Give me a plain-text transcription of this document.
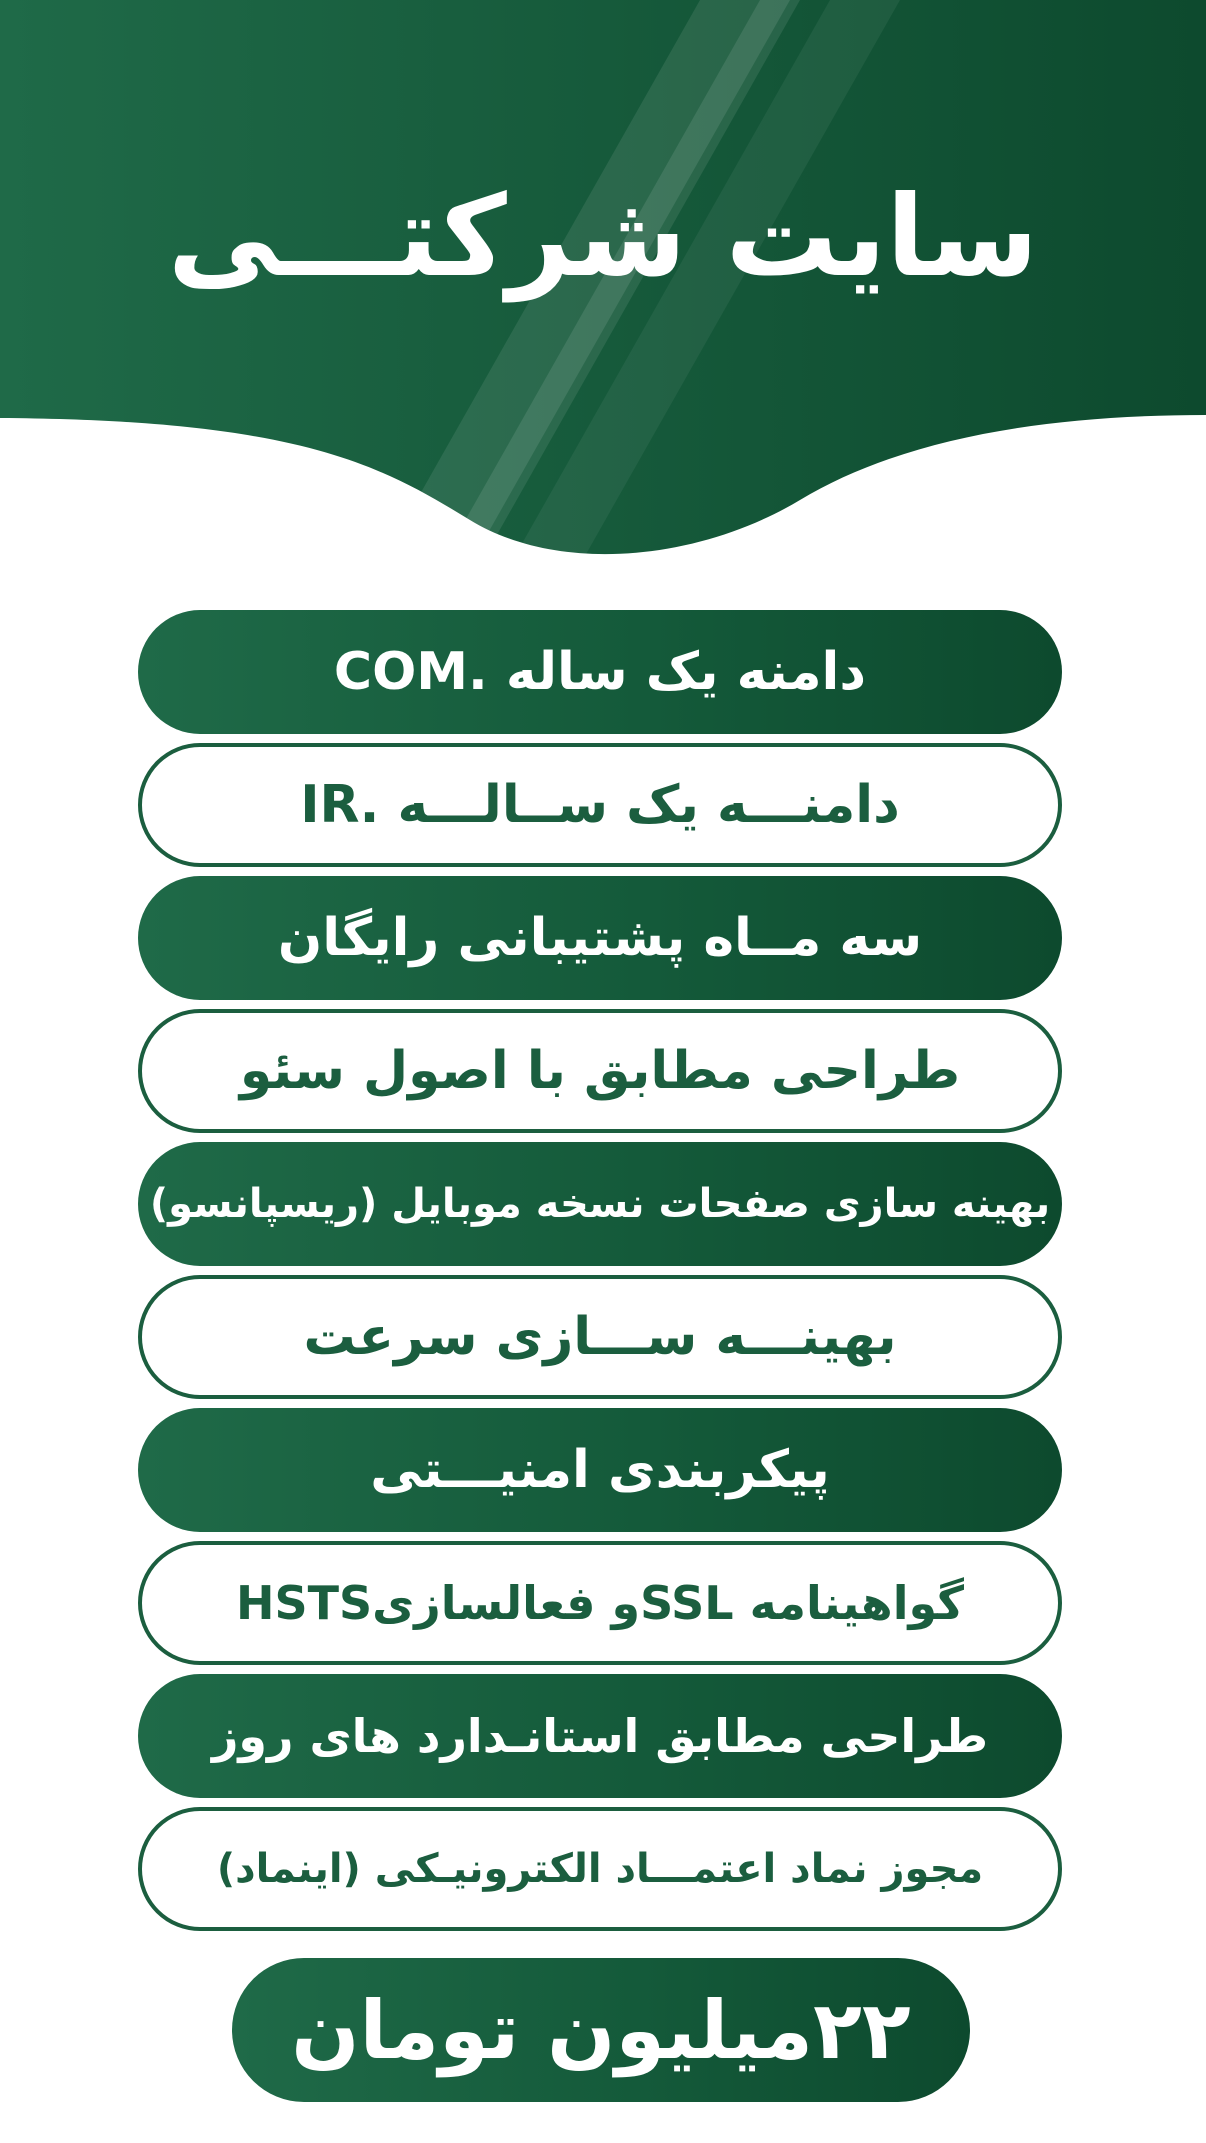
سایت شرکتـــی
دامنه یک ساله .COM
دامنـــه یک ســالـــه .IR
سه مــاه پشتیبانی رایگان
طراحی مطابق با اصول سئو
بهینه سازی صفحات نسخه موبایل (ریسپانسو)
بهینـــه ســـازی سرعت
پیکربندی امنیـــتی
گواهینامه SSLو فعالسازیHSTS
طراحی مطابق استانـدارد های روز
مجوز نماد اعتمـــاد الکترونیـکی (اینماد)
۲۲میلیون تومان
